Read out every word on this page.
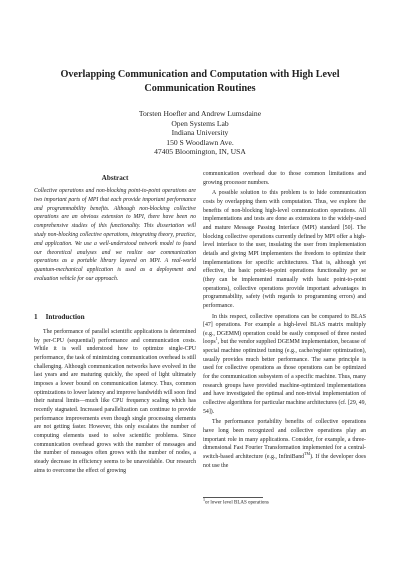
Overlapping Communication and Computation with High Level Communication Routines
Torsten Hoefler and Andrew Lumsdaine
Open Systems Lab
Indiana University
150 S Woodlawn Ave.
47405 Bloomington, IN, USA
Abstract
Collective operations and non-blocking point-to-point operations are two important parts of MPI that each provide important performance and programmability benefits. Although non-blocking collective operations are an obvious extension to MPI, there have been no comprehensive studies of this functionality. This dissertation will study non-blocking collective operations, integrating theory, practice, and application. We use a well-understood network model to found our theoretical analyses and we realize our communication operations as a portable library layered on MPI. A real-world quantum-mechanical application is used as a deployment and evaluation vehicle for our approach.
1 Introduction

The performance of parallel scientific applications is determined by per-CPU (sequential) performance and communication costs. While it is well understood how to optimize single-CPU performance, the task of minimizing communication overhead is still challenging. Although communication networks have evolved in the last years and are maturing quickly, the speed of light ultimately imposes a lower bound on communication latency. Thus, common optimizations to lower latency and improve bandwidth will soon find their natural limits—much like CPU frequency scaling which has recently stagnated. Increased parallelization can continue to provide performance improvements even though single processing elements are not getting faster. However, this only escalates the number of computing elements used to solve scientific problems. Since communication overhead grows with the number of messages and the number of messages often grows with the number of nodes, a steady decrease in efficiency seems to be unavoidable. Our research aims to overcome the effect of growing

communication overhead due to those common limitations and growing processor numbers.

A possible solution to this problem is to hide communication costs by overlapping them with computation. Thus, we explore the benefits of non-blocking high-level communication operations. All implementations and tests are done as extensions to the widely-used and mature Message Passing Interface (MPI) standard [50]. The blocking collective operations currently defined by MPI offer a high-level interface to the user, insulating the user from implementation details and giving MPI implementers the freedom to optimize their implementations for specific architectures. That is, although yet effective, the basic point-to-point operations functionality per se (they can be implemented manually with basic point-to-point operations), collective operations provide important advantages in programmability, safety (with regards to programming errors) and performance.

In this respect, collective operations can be compared to BLAS [47] operations. For example a high-level BLAS matrix multiply (e.g., DGEMM) operation could be easily composed of three nested loops$^1$, but the vendor supplied DGEMM implementation, because of special machine optimized tuning (e.g., cache/register optimization), usually provides much better performance. The same principle is used for collective operations as those operations can be optimized for the communication subsystem of a specific machine. Thus, many research groups have provided machine-optimized implementations and have investigated the optimal and non-trivial implementation of collective algorithms for particular machine architectures (cf. [29, 49, 54]).

The performance portability benefits of collective operations have long been recognized and collective operations play an important role in many applications. Consider, for example, a three-dimensional Fast Fourier Transformation implemented for a central-switch-based architecture (e.g., InfiniBand™). If the developer does not use the

$^1$or lower level BLAS operations
